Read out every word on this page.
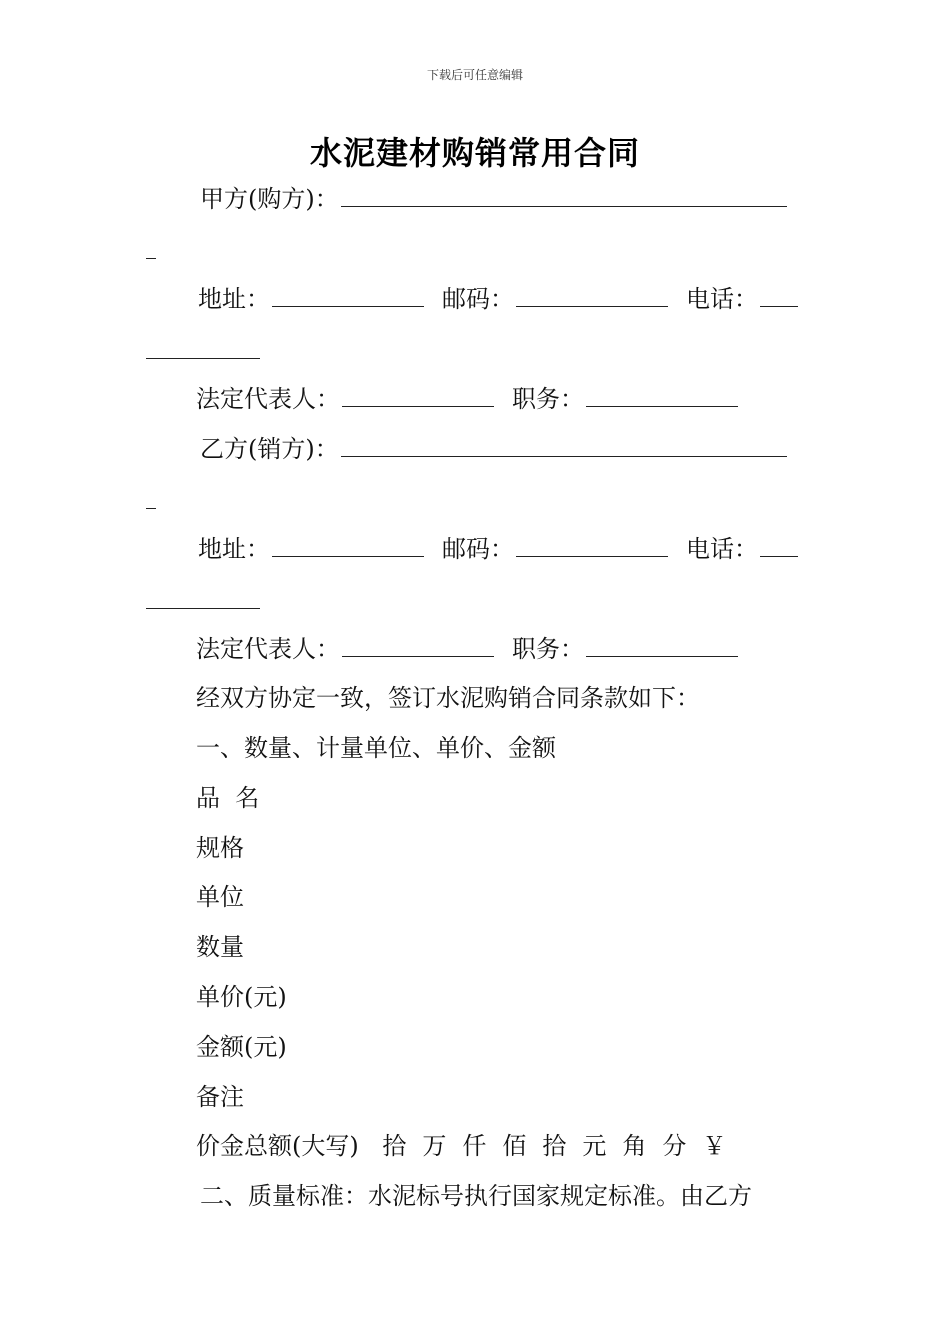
下载后可任意编辑
水泥建材购销常用合同
甲方(购方)：
地址：	邮码：	电话：
法定代表人：	职务：
乙方(销方)：
地址：	邮码：	电话：
法定代表人：	职务：
经双方协定一致，签订水泥购销合同条款如下：
一、数量、计量单位、单价、金额
品  名
规格
单位
数量
单价(元)
金额(元)
备注
价金总额(大写) 拾 万 仟 佰 拾 元 角 分 ￥
二、质量标准：水泥标号执行国家规定标准。由乙方
